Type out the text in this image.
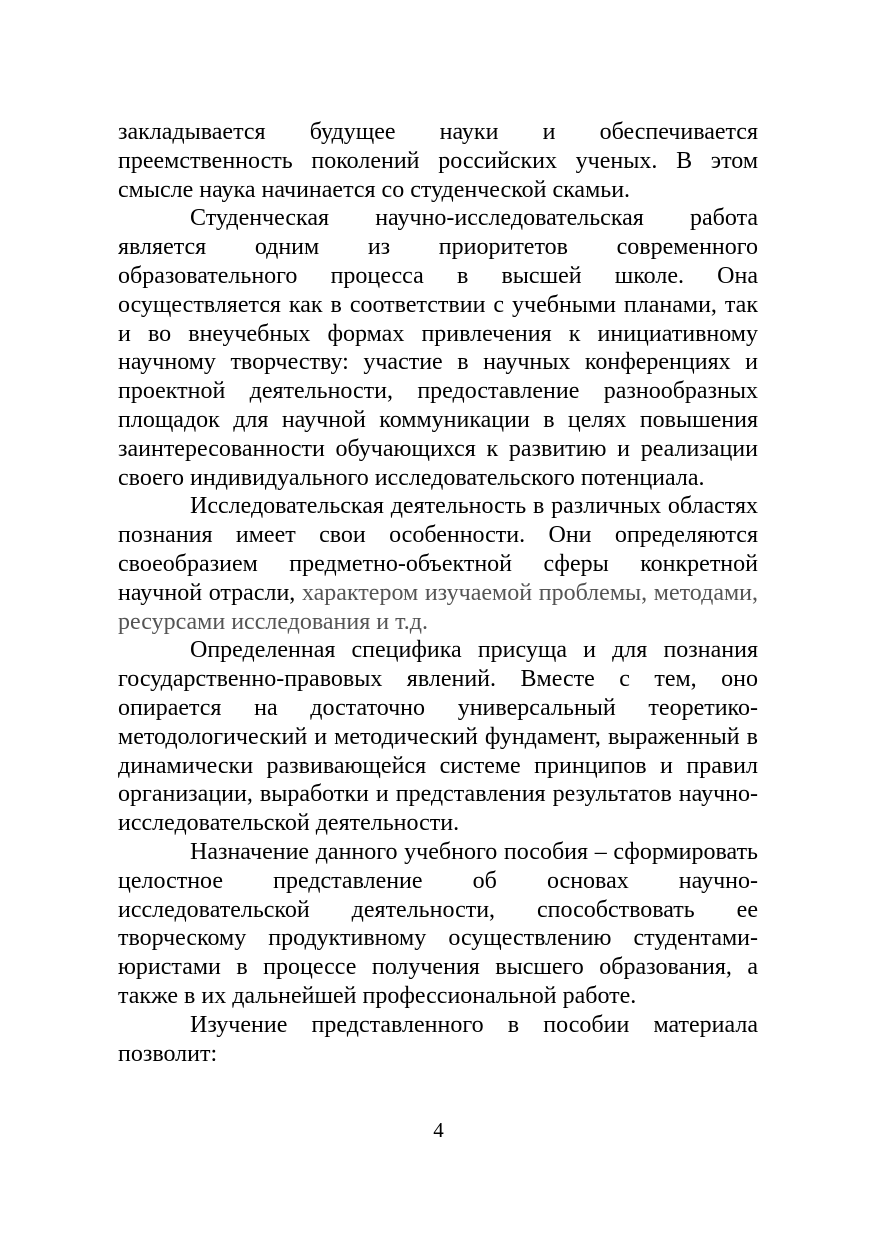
закладывается будущее науки и обеспечивается преемственность поколений российских ученых. В этом смысле наука начинается со студенческой скамьи.

Студенческая научно-исследовательская работа является одним из приоритетов современного образовательного процесса в высшей школе. Она осуществляется как в соответствии с учебными планами, так и во внеучебных формах привлечения к инициативному научному творчеству: участие в научных конференциях и проектной деятельности, предоставление разнообразных площадок для научной коммуникации в целях повышения заинтересованности обучающихся к развитию и реализации своего индивидуального исследовательского потенциала.

Исследовательская деятельность в различных областях познания имеет свои особенности. Они определяются своеобразием предметно-объектной сферы конкретной научной отрасли, характером изучаемой проблемы, методами, ресурсами исследования и т.д.

Определенная специфика присуща и для познания государственно-правовых явлений. Вместе с тем, оно опирается на достаточно универсальный теоретико-методологический и методический фундамент, выраженный в динамически развивающейся системе принципов и правил организации, выработки и представления результатов научно-исследовательской деятельности.

Назначение данного учебного пособия – сформировать целостное представление об основах научно-исследовательской деятельности, способствовать ее творческому продуктивному осуществлению студентами-юристами в процессе получения высшего образования, а также в их дальнейшей профессиональной работе.

Изучение представленного в пособии материала позволит:

4
